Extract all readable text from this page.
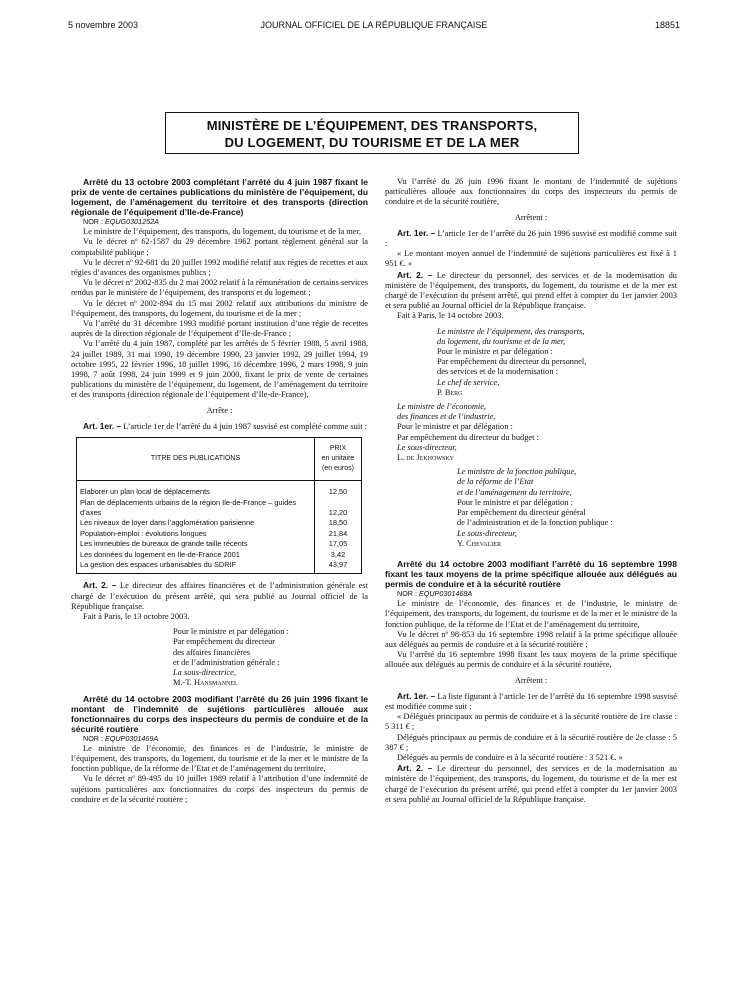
5 novembre 2003	JOURNAL OFFICIEL DE LA RÉPUBLIQUE FRANÇAISE	18851
MINISTÈRE DE L’ÉQUIPEMENT, DES TRANSPORTS,
DU LOGEMENT, DU TOURISME ET DE LA MER

Arrêté du 13 octobre 2003 complétant l’arrêté du 4 juin 1987 fixant le prix de vente de certaines publications du ministère de l’équipement, du logement, de l’aménagement du territoire et des transports (direction régionale de l’équipement d’Ile-de-France)

NOR : EQUG0301252A

Le ministre de l’équipement, des transports, du logement, du tourisme et de la mer,

Vu le décret nº 62-1587 du 29 décembre 1962 portant règlement général sur la comptabilité publique ;

Vu le décret nº 92-681 du 20 juillet 1992 modifié relatif aux régies de recettes et aux régies d’avances des organismes publics ;

Vu le décret nº 2002-835 du 2 mai 2002 relatif à la rémunération de certains services rendus par le ministère de l’équipement, des transports et du logement ;

Vu le décret nº 2002-894 du 15 mai 2002 relatif aux attributions du ministre de l’équipement, des transports, du logement, du tourisme et de la mer ;

Vu l’arrêté du 31 décembre 1993 modifié portant institution d’une régie de recettes auprès de la direction régionale de l’équipement d’Ile-de-France ;

Vu l’arrêté du 4 juin 1987, complété par les arrêtés de 5 février 1988, 5 avril 1988, 24 juillet 1989, 31 mai 1990, 19 décembre 1990, 23 janvier 1992, 29 juillet 1994, 19 octobre 1995, 22 février 1996, 18 juillet 1996, 16 décembre 1996, 2 mars 1998, 9 juin 1998, 7 août 1998, 24 juin 1999 et 9 juin 2000, fixant le prix de vente de certaines publications du ministère de l’équipement, du logement, de l’aménagement du territoire et des transports (direction régionale de l’équipement d’Ile-de-France),

Arrête :

Art. 1er. – L’article 1er de l’arrêté du 4 juin 1987 susvisé est complété comme suit :

TITRE DES PUBLICATIONS	PRIX
en unitaire
(en euros)

Elaborer un plan local de déplacements	12,50
Plan de déplacements urbains de la région Ile-de-France – guides d’axes	12,20
Les niveaux de loyer dans l’agglomération parisienne	18,50
Population-emploi : évolutions longues	21,84
Les immeubles de bureaux de grande taille récents	17,05
Les données du logement en Ile-de-France 2001	3,42
La gestion des espaces urbanisables du SDRIF	43,97

Art. 2. – Le directeur des affaires financières et de l’administration générale est chargé de l’exécution du présent arrêté, qui sera publié au Journal officiel de la République française.

Fait à Paris, le 13 octobre 2003.

Pour le ministre et par délégation :

Par empêchement du directeur

des affaires financières

et de l’administration générale :

La sous-directrice,

M.-T. Hansmannel

Arrêté du 14 octobre 2003 modifiant l’arrêté du 26 juin 1996 fixant le montant de l’indemnité de sujétions particulières allouée aux fonctionnaires du corps des inspecteurs du permis de conduire et de la sécurité routière

NOR : EQUP0301469A

Le ministre de l’économie, des finances et de l’industrie, le ministre de l’équipement, des transports, du logement, du tourisme et de la mer et le ministre de la fonction publique, de la réforme de l’Etat et de l’aménagement du territoire,

Vu le décret nº 89-495 du 10 juillet 1989 relatif à l’attribution d’une indemnité de sujétions particulières aux fonctionnaires du corps des inspecteurs du permis de conduire et de la sécurité routière ;

Vu l’arrêté du 26 juin 1996 fixant le montant de l’indemnité de sujétions particulières allouée aux fonctionnaires du corps des inspecteurs du permis de conduire et de la sécurité routière,

Arrêtent :

Art. 1er. – L’article 1er de l’arrêté du 26 juin 1996 susvisé est modifié comme suit :

« Le montant moyen annuel de l’indemnité de sujétions particulières est fixé à 1 951 €. »

Art. 2. – Le directeur du personnel, des services et de la modernisation du ministère de l’équipement, des transports, du logement, du tourisme et de la mer est chargé de l’exécution du présent arrêté, qui prend effet à compter du 1er janvier 2003 et sera publié au Journal officiel de la République française.

Fait à Paris, le 14 octobre 2003.

Le ministre de l’équipement, des transports,

du logement, du tourisme et de la mer,

Pour le ministre et par délégation :

Par empêchement du directeur du personnel,

des services et de la modernisation :

Le chef de service,

P. Berg

Le ministre de l’économie,

des finances et de l’industrie,

Pour le ministre et par délégation :

Par empêchement du directeur du budget :

Le sous-directeur,

L. de Jekhowsky

Le ministre de la fonction publique,

de la réforme de l’Etat

et de l’aménagement du territoire,

Pour le ministre et par délégation :

Par empêchement du directeur général

de l’administration et de la fonction publique :

Le sous-directeur,

Y. Chevalier

Arrêté du 14 octobre 2003 modifiant l’arrêté du 16 septembre 1998 fixant les taux moyens de la prime spécifique allouée aux délégués au permis de conduire et à la sécurité routière

NOR : EQUP0301468A

Le ministre de l’économie, des finances et de l’industrie, le ministre de l’équipement, des transports, du logement, du tourisme et de la mer et le ministre de la fonction publique, de la réforme de l’Etat et de l’aménagement du territoire,

Vu le décret nº 98-853 du 16 septembre 1998 relatif à la prime spécifique allouée aux délégués au permis de conduire et à la sécurité routière ;

Vu l’arrêté du 16 septembre 1998 fixant les taux moyens de la prime spécifique allouée aux délégués au permis de conduire et à la sécurité routière,

Arrêtent :

Art. 1er. – La liste figurant à l’article 1er de l’arrêté du 16 septembre 1998 susvisé est modifiée comme suit :

« Délégués principaux au permis de conduire et à la sécurité routière de 1re classe : 5 311 € ;

Délégués principaux au permis de conduire et à la sécurité routière de 2e classe : 5 387 € ;

Délégués au permis de conduire et à la sécurité routière : 3 521 €. »

Art. 2. – Le directeur du personnel, des services et de la modernisation au ministère de l’équipement, des transports, du logement, du tourisme et de la mer est chargé de l’exécution du présent arrêté, qui prend effet à compter du 1er janvier 2003 et sera publié au Journal officiel de la République française.
